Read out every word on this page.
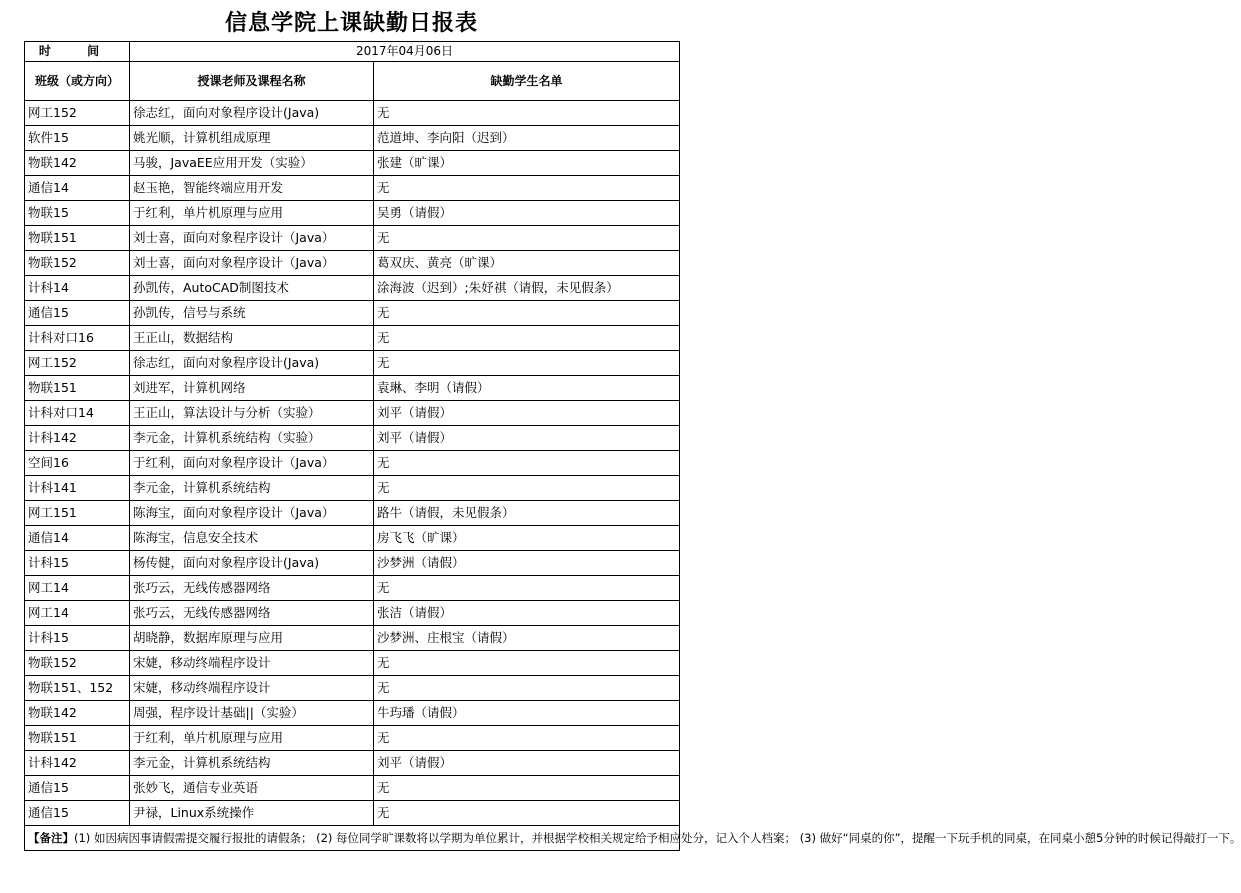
信息学院上课缺勤日报表
时 间	2017年04月06日	
班级（或方向）	授课老师及课程名称	缺勤学生名单
网工152	徐志红，面向对象程序设计(Java)	无
软件15	姚光顺，计算机组成原理	范道坤、李向阳（迟到）
物联142	马骏，JavaEE应用开发（实验）	张建（旷课）
通信14	赵玉艳，智能终端应用开发	无
物联15	于红利，单片机原理与应用	吴勇（请假）
物联151	刘士喜，面向对象程序设计（Java）	无
物联152	刘士喜，面向对象程序设计（Java）	葛双庆、黄亮（旷课）
计科14	孙凯传，AutoCAD制图技术	涂海波（迟到）;朱妤祺（请假，未见假条）
通信15	孙凯传，信号与系统	无
计科对口16	王正山，数据结构	无
网工152	徐志红，面向对象程序设计(Java)	无
物联151	刘进军，计算机网络	袁琳、李明（请假）
计科对口14	王正山，算法设计与分析（实验）	刘平（请假）
计科142	李元金，计算机系统结构（实验）	刘平（请假）
空间16	于红利，面向对象程序设计（Java）	无
计科141	李元金，计算机系统结构	无
网工151	陈海宝，面向对象程序设计（Java）	路牛（请假，未见假条）
通信14	陈海宝，信息安全技术	房飞飞（旷课）
计科15	杨传健，面向对象程序设计(Java)	沙梦洲（请假）
网工14	张巧云，无线传感器网络	无
网工14	张巧云，无线传感器网络	张洁（请假）
计科15	胡晓静，数据库原理与应用	沙梦洲、庄根宝（请假）
物联152	宋婕，移动终端程序设计	无
物联151、152	宋婕，移动终端程序设计	无
物联142	周强，程序设计基础||（实验）	牛玙璠（请假）
物联151	于红利，单片机原理与应用	无
计科142	李元金，计算机系统结构	刘平（请假）
通信15	张妙飞，通信专业英语	无
通信15	尹禄，Linux系统操作	无
【备注】(1) 如因病因事请假需提交履行报批的请假条； (2) 每位同学旷课数将以学期为单位累计，并根据学校相关规定给予相应处分，记入个人档案； (3) 做好“同桌的你”，提醒一下玩手机的同桌，在同桌小憩5分钟的时候记得敲打一下。		
